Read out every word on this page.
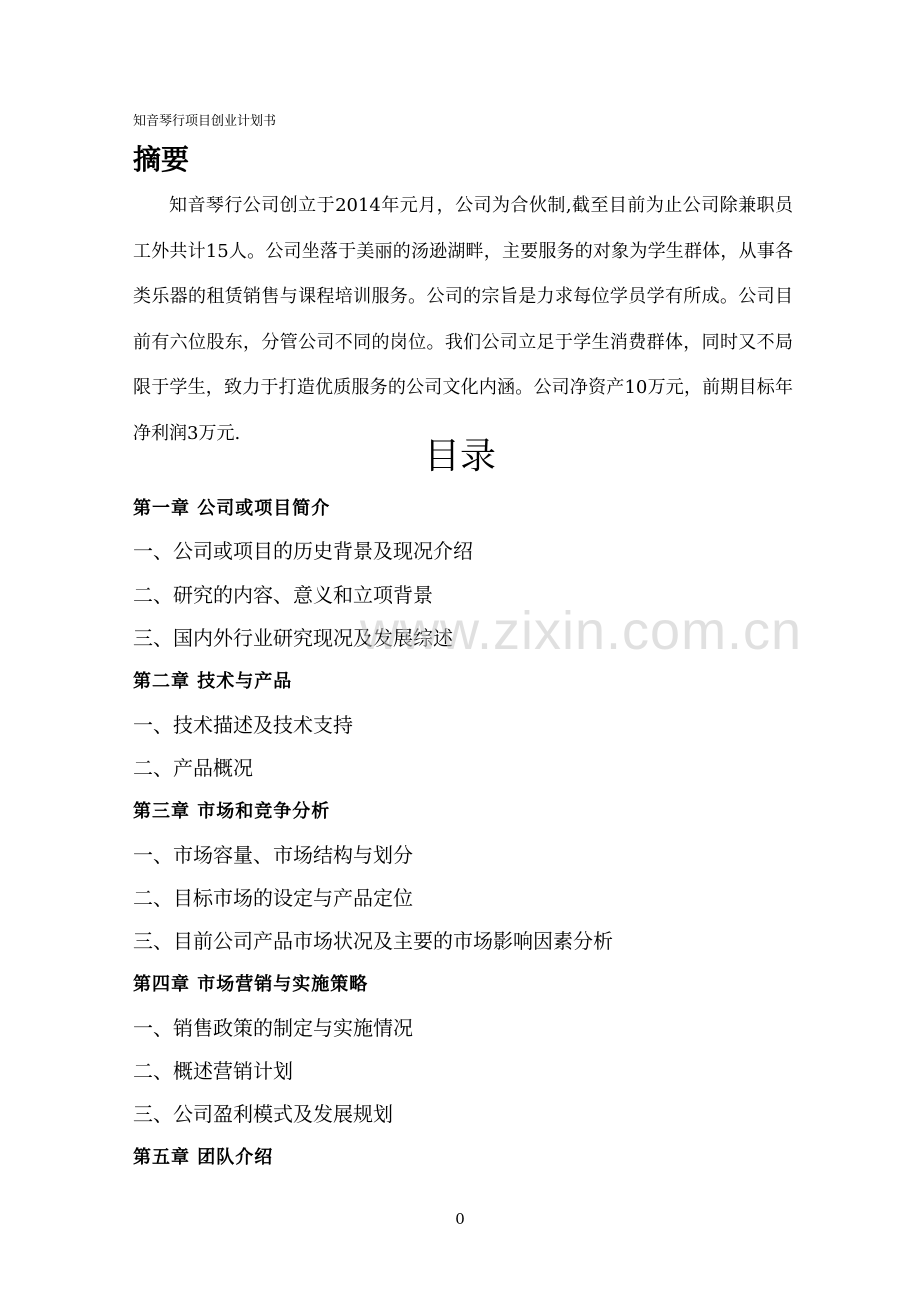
知音琴行项目创业计划书
摘要
知音琴行公司创立于2014年元月，公司为合伙制,截至目前为止公司除兼职员工外共计15人。公司坐落于美丽的汤逊湖畔，主要服务的对象为学生群体，从事各类乐器的租赁销售与课程培训服务。公司的宗旨是力求每位学员学有所成。公司目前有六位股东，分管公司不同的岗位。我们公司立足于学生消费群体，同时又不局限于学生，致力于打造优质服务的公司文化内涵。公司净资产10万元，前期目标年净利润3万元.
目录
第一章 公司或项目简介
一、公司或项目的历史背景及现况介绍
二、研究的内容、意义和立项背景
三、国内外行业研究现况及发展综述
第二章 技术与产品
一、技术描述及技术支持
二、产品概况
第三章 市场和竞争分析
一、市场容量、市场结构与划分
二、目标市场的设定与产品定位
三、目前公司产品市场状况及主要的市场影响因素分析
第四章 市场营销与实施策略
一、销售政策的制定与实施情况
二、概述营销计划
三、公司盈利模式及发展规划
第五章 团队介绍
www.zixin.com.cn
0
